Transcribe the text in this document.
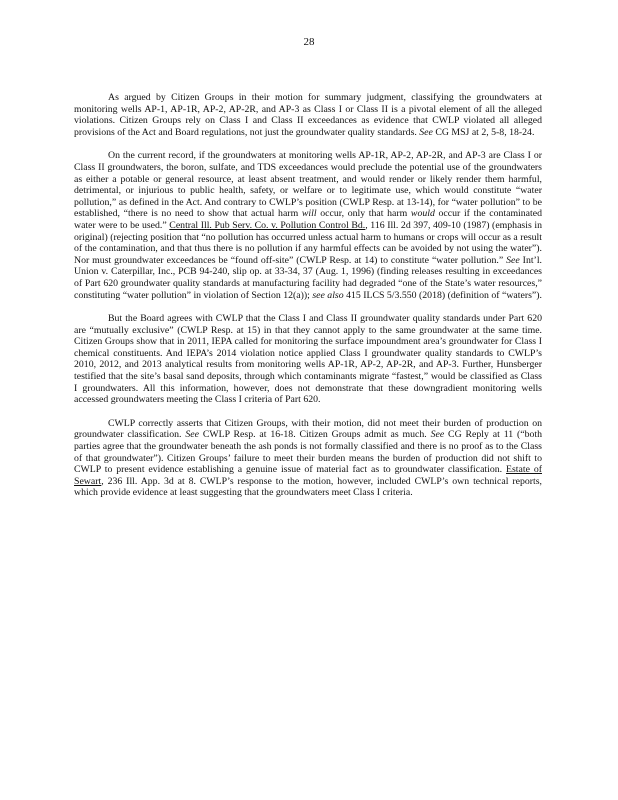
28

As argued by Citizen Groups in their motion for summary judgment, classifying the groundwaters at monitoring wells AP-1, AP-1R, AP-2, AP-2R, and AP-3 as Class I or Class II is a pivotal element of all the alleged violations. Citizen Groups rely on Class I and Class II exceedances as evidence that CWLP violated all alleged provisions of the Act and Board regulations, not just the groundwater quality standards. See CG MSJ at 2, 5-8, 18-24.

On the current record, if the groundwaters at monitoring wells AP-1R, AP-2, AP-2R, and AP-3 are Class I or Class II groundwaters, the boron, sulfate, and TDS exceedances would preclude the potential use of the groundwaters as either a potable or general resource, at least absent treatment, and would render or likely render them harmful, detrimental, or injurious to public health, safety, or welfare or to legitimate use, which would constitute “water pollution,” as defined in the Act. And contrary to CWLP’s position (CWLP Resp. at 13-14), for “water pollution” to be established, “there is no need to show that actual harm will occur, only that harm would occur if the contaminated water were to be used.” Central Ill. Pub Serv. Co. v. Pollution Control Bd., 116 Ill. 2d 397, 409-10 (1987) (emphasis in original) (rejecting position that “no pollution has occurred unless actual harm to humans or crops will occur as a result of the contamination, and that thus there is no pollution if any harmful effects can be avoided by not using the water”). Nor must groundwater exceedances be “found off-site” (CWLP Resp. at 14) to constitute “water pollution.” See Int’l. Union v. Caterpillar, Inc., PCB 94-240, slip op. at 33-34, 37 (Aug. 1, 1996) (finding releases resulting in exceedances of Part 620 groundwater quality standards at manufacturing facility had degraded “one of the State’s water resources,” constituting “water pollution” in violation of Section 12(a)); see also 415 ILCS 5/3.550 (2018) (definition of “waters”).

But the Board agrees with CWLP that the Class I and Class II groundwater quality standards under Part 620 are “mutually exclusive” (CWLP Resp. at 15) in that they cannot apply to the same groundwater at the same time. Citizen Groups show that in 2011, IEPA called for monitoring the surface impoundment area’s groundwater for Class I chemical constituents. And IEPA’s 2014 violation notice applied Class I groundwater quality standards to CWLP’s 2010, 2012, and 2013 analytical results from monitoring wells AP-1R, AP-2, AP-2R, and AP-3. Further, Hunsberger testified that the site’s basal sand deposits, through which contaminants migrate “fastest,” would be classified as Class I groundwaters. All this information, however, does not demonstrate that these downgradient monitoring wells accessed groundwaters meeting the Class I criteria of Part 620.

CWLP correctly asserts that Citizen Groups, with their motion, did not meet their burden of production on groundwater classification. See CWLP Resp. at 16-18. Citizen Groups admit as much. See CG Reply at 11 (“both parties agree that the groundwater beneath the ash ponds is not formally classified and there is no proof as to the Class of that groundwater”). Citizen Groups’ failure to meet their burden means the burden of production did not shift to CWLP to present evidence establishing a genuine issue of material fact as to groundwater classification. Estate of Sewart, 236 Ill. App. 3d at 8. CWLP’s response to the motion, however, included CWLP’s own technical reports, which provide evidence at least suggesting that the groundwaters meet Class I criteria.
